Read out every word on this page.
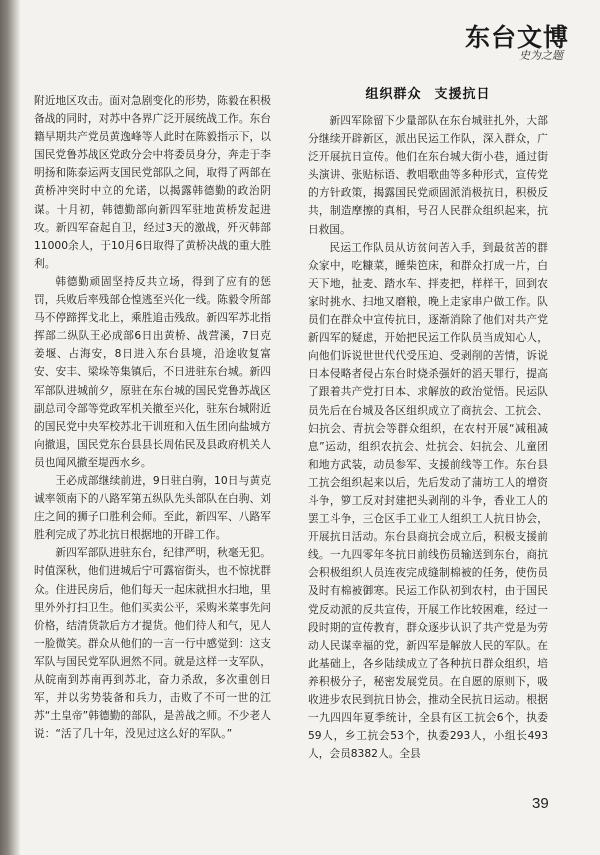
东台文博
史为之题

附近地区攻击。面对急剧变化的形势，陈毅在积极备战的同时，对苏中各界广泛开展统战工作。东台籍早期共产党员黄逸峰等人此时在陈毅指示下，以国民党鲁苏战区党政分会中将委员身分，奔走于李明扬和陈泰运两支国民党部队之间，取得了两部在黄桥冲突时中立的允诺，以揭露韩德勤的政治阴谋。十月初，韩德勤部向新四军驻地黄桥发起进攻。新四军奋起自卫，经过3天的激战，歼灭韩部11000余人，于10月6日取得了黄桥决战的重大胜利。

韩德勤顽固坚持反共立场，得到了应有的惩罚，兵败后率残部仓惶逃至兴化一线。陈毅令所部马不停蹄挥戈北上，乘胜追击残敌。新四军苏北指挥部二纵队王必成部6日出黄桥、战营溪，7日克姜堰、占海安，8日进入东台县境，沿途收复富安、安丰、梁垛等集镇后，不日进驻东台城。新四军部队进城前夕，原驻在东台城的国民党鲁苏战区副总司令部等党政军机关撤至兴化，驻东台城附近的国民党中央军校苏北干训班和入伍生团向盐城方向撤退，国民党东台县县长周佑民及县政府机关人员也闻风撤至堤西水乡。

王必成部继续前进，9日驻白驹，10日与黄克诚率领南下的八路军第五纵队先头部队在白驹、刘庄之间的狮子口胜利会师。至此，新四军、八路军胜利完成了苏北抗日根据地的开辟工作。

新四军部队进驻东台，纪律严明，秋毫无犯。时值深秋，他们进城后宁可露宿街头，也不惊扰群众。住进民房后，他们每天一起床就担水扫地，里里外外打扫卫生。他们买卖公平，采购米菜事先问价格，结清货款后方才提货。他们待人和气，见人一脸微笑。群众从他们的一言一行中感觉到：这支军队与国民党军队迥然不同。就是这样一支军队，从皖南到苏南再到苏北，奋力杀敌，多次重创日军，并以劣势装备和兵力，击败了不可一世的江苏“土皇帝”韩德勤的部队，是善战之师。不少老人说：“活了几十年，没见过这么好的军队。”

组织群众 支援抗日

新四军除留下少量部队在东台城驻扎外，大部分继续开辟新区，派出民运工作队，深入群众，广泛开展抗日宣传。他们在东台城大街小巷，通过街头演讲、张贴标语、教唱歌曲等多种形式，宣传党的方针政策，揭露国民党顽固派消极抗日，积极反共，制造摩擦的真相，号召人民群众组织起来，抗日救国。

民运工作队员从访贫问苦入手，到最贫苦的群众家中，吃糠菜，睡柴笆床，和群众打成一片，白天下地，扯麦、踏水车、拌麦把，样样干，回到农家时挑水、扫地又磨粮，晚上走家串户做工作。队员们在群众中宣传抗日，逐渐消除了他们对共产党新四军的疑虑，开始把民运工作队员当成知心人，向他们诉说世世代代受压迫、受剥削的苦情，诉说日本侵略者侵占东台时烧杀强奸的滔天罪行，提高了跟着共产党打日本、求解放的政治觉悟。民运队员先后在台城及各区组织成立了商抗会、工抗会、妇抗会、青抗会等群众组织，在农村开展“减租减息”运动，组织农抗会、灶抗会、妇抗会、儿童团和地方武装，动员参军、支援前线等工作。东台县工抗会组织起来以后，先后发动了蒲坊工人的增资斗争，箩工反对封建把头剥削的斗争，香业工人的罢工斗争，三仓区手工业工人组织工人抗日协会，开展抗日活动。东台县商抗会成立后，积极支援前线。一九四零年冬抗日前线伤员输送到东台，商抗会积极组织人员连夜完成缝制棉被的任务，使伤员及时有棉被御寒。民运工作队初到农村，由于国民党反动派的反共宣传，开展工作比较困难，经过一段时期的宣传教育，群众逐步认识了共产党是为劳动人民谋幸福的党，新四军是解放人民的军队。在此基础上，各乡陆续成立了各种抗日群众组织，培养积极分子，秘密发展党员。在自愿的原则下，吸收进步农民到抗日协会，推动全民抗日运动。根据一九四四年夏季统计，全县有区工抗会6个，执委59人，乡工抗会53个，执委293人，小组长493人，会员8382人。全县

39
